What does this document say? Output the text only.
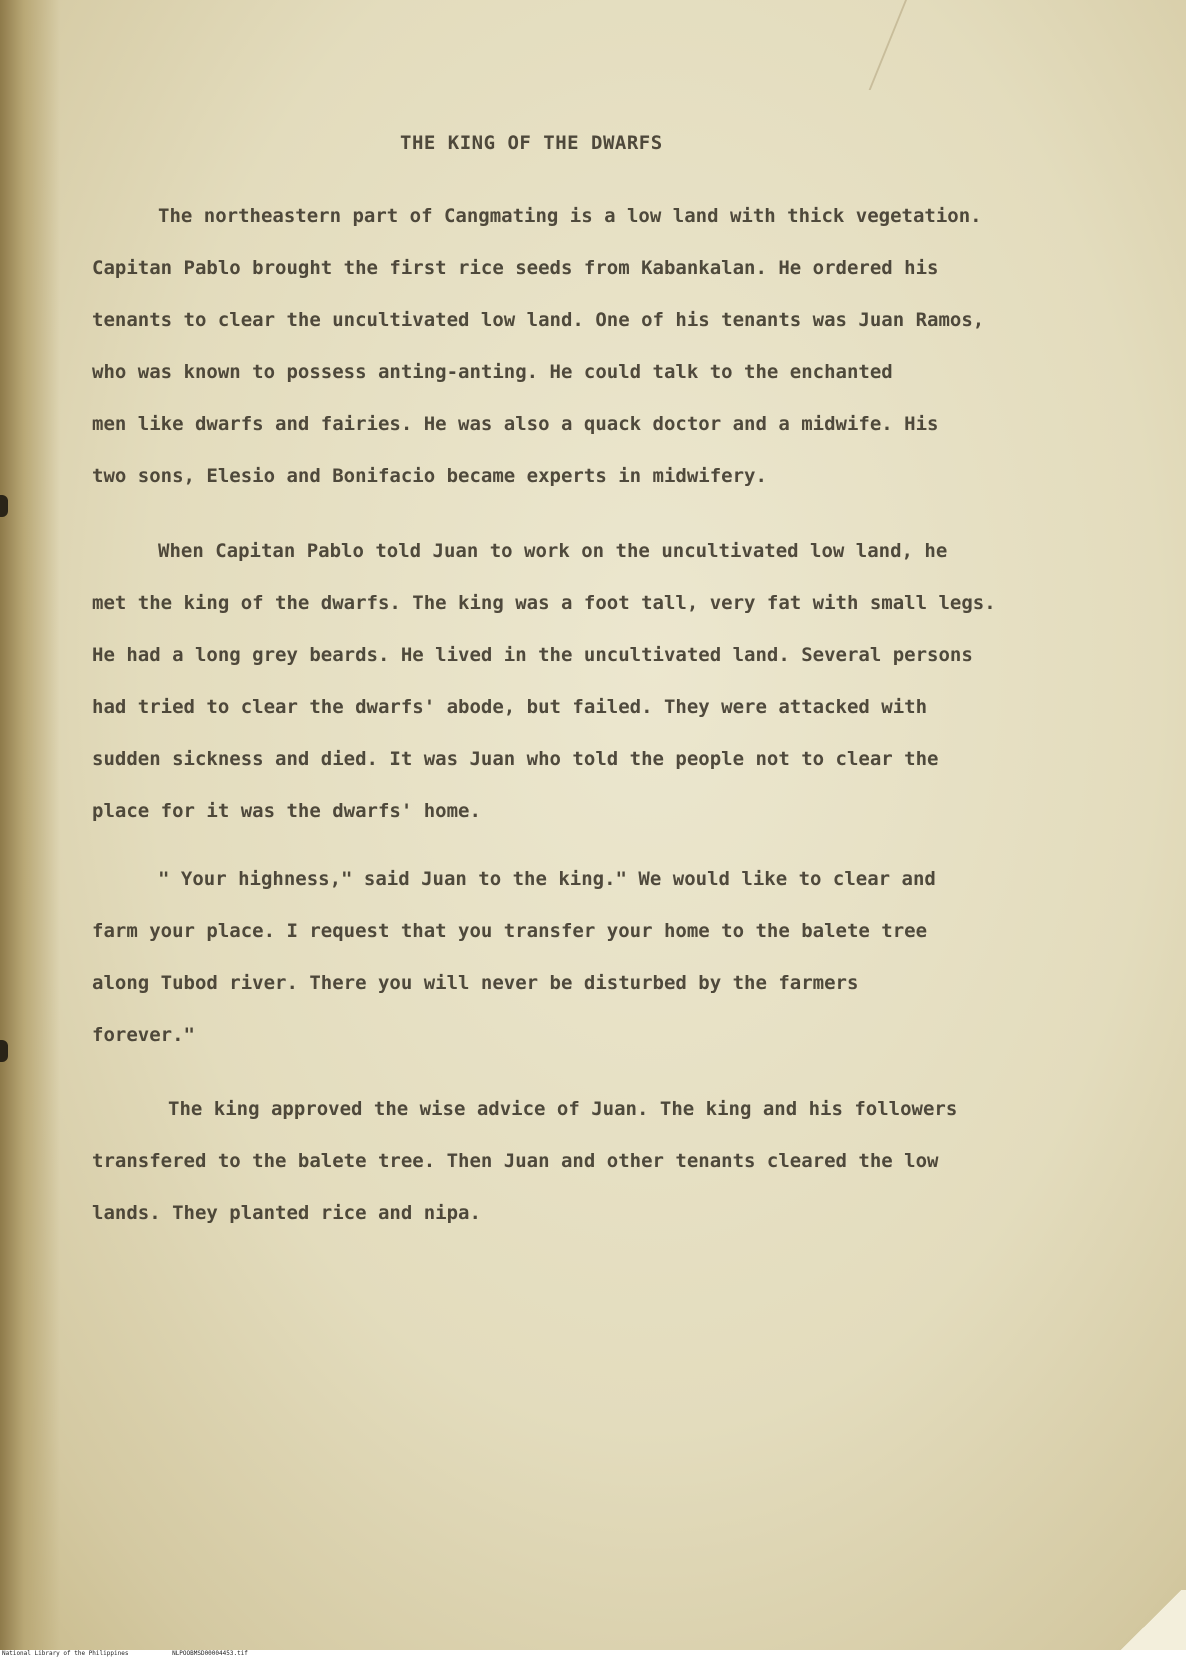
THE KING OF THE DWARFS
The northeastern part of Cangmating is a low land with thick vegetation.
Capitan Pablo brought the first rice seeds from Kabankalan. He ordered his
tenants to clear the uncultivated low land. One of his tenants was Juan Ramos,
who was known to possess anting-anting. He could talk to the enchanted
men like dwarfs and fairies. He was also a quack doctor and a midwife. His
two sons, Elesio and Bonifacio became experts in midwifery.
When Capitan Pablo told Juan to work on the uncultivated low land, he
met the king of the dwarfs. The king was a foot tall, very fat with small legs.
He had a long grey beards. He lived in the uncultivated land. Several persons
had tried to clear the dwarfs' abode, but failed. They were attacked with
sudden sickness and died. It was Juan who told the people not to clear the
place for it was the dwarfs' home.
" Your highness," said Juan to the king." We would like to clear and
farm your place. I request that you transfer your home to the balete tree
along Tubod river. There you will never be disturbed by the farmers
forever."
The king approved the wise advice of Juan. The king and his followers
transfered to the balete tree. Then Juan and other tenants cleared the low
lands. They planted rice and nipa.
National Library of the Philippines	NLPOOBMSD00004453.tif
